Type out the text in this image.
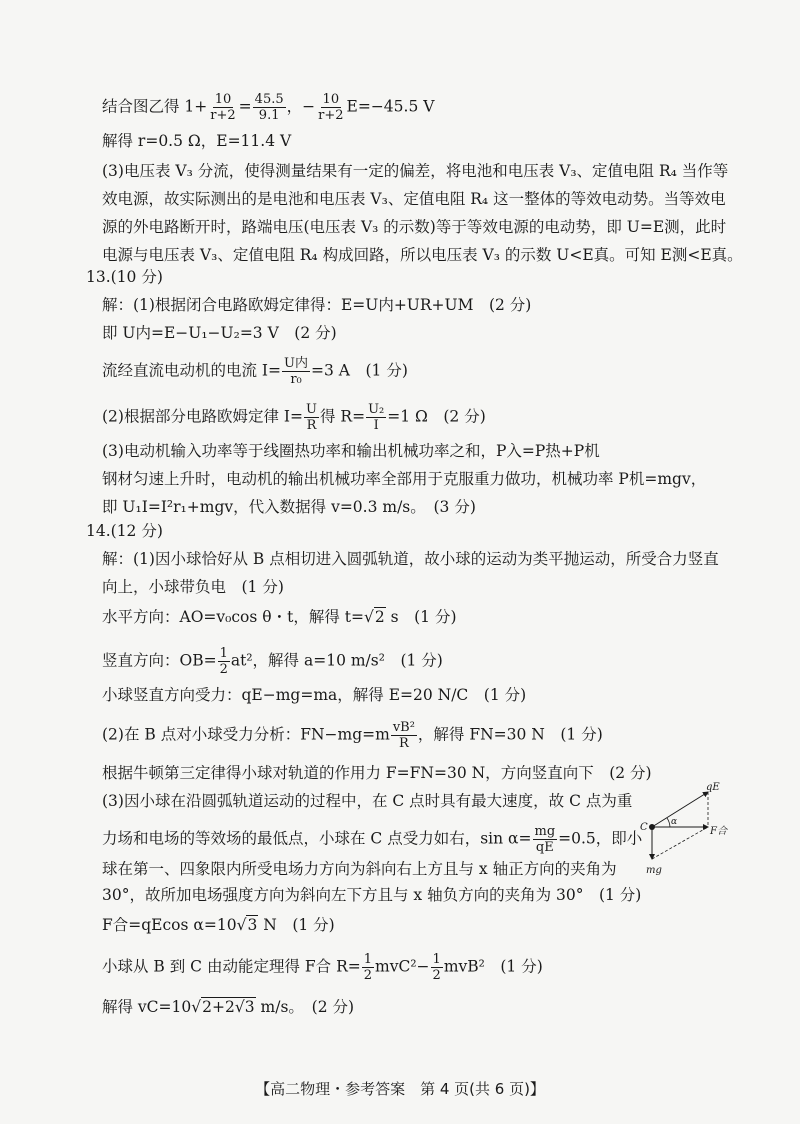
结合图乙得 $1+ \frac{10}{r+2} = \frac{45.5}{9.1}$ ，− $\frac{10}{r+2} E=-45.5$ V
解得 r=0.5 Ω，E=11.4 V
(3)电压表 V₃ 分流，使得测量结果有一定的偏差，将电池和电压表 V₃、定值电阻 R₄ 当作等
效电源，故实际测出的是电池和电压表 V₃、定值电阻 R₄ 这一整体的等效电动势。当等效电
源的外电路断开时，路端电压(电压表 V₃ 的示数)等于等效电源的电动势，即 U=E测，此时
电源与电压表 V₃、定值电阻 R₄ 构成回路，所以电压表 V₃ 的示数 U<E真。可知 E测<E真。
13.(10 分)
解：(1)根据闭合电路欧姆定律得：E=U内+UR+UM　(2 分)
即 U内=E−U₁−U₂=3 V　(2 分)
流经直流电动机的电流 $I= \frac{\text{U内}}{\text{r₀}} =3$ A　(1 分)
(2)根据部分电路欧姆定律 $I= \frac{U}{R}$ 得 $R= \frac{\text{U₂}}{I} =1$ Ω　(2 分)
(3)电动机输入功率等于线圈热功率和输出机械功率之和，P入=P热+P机
钢材匀速上升时，电动机的输出机械功率全部用于克服重力做功，机械功率 P机=mgv，
即 U₁I=I²r₁+mgv，代入数据得 v=0.3 m/s。　(3 分)
14.(12 分)
解：(1)因小球恰好从 B 点相切进入圆弧轨道，故小球的运动为类平抛运动，所受合力竖直
向上，小球带负电　(1 分)
水平方向：AO=v₀cos θ・t，解得 t=√2 s　(1 分)
竖直方向：$OB= \frac{1}{2} at^2$，解得 a=10 m/s²　(1 分)
小球竖直方向受力：qE−mg=ma，解得 E=20 N/C　(1 分)
(2)在 B 点对小球受力分析：$FN-mg=m \frac{\text{vB²}}{R}$ ，解得 FN=30 N　(1 分)
根据牛顿第三定律得小球对轨道的作用力 F=FN=30 N，方向竖直向下　(2 分)
(3)因小球在沿圆弧轨道运动的过程中，在 C 点时具有最大速度，故 C 点为重
力场和电场的等效场的最低点，小球在 C 点受力如右，$\sin \alpha= \frac{mg}{qE} =0.5$，即小
球在第一、四象限内所受电场力方向为斜向右上方且与 x 轴正方向的夹角为
30°，故所加电场强度方向为斜向左下方且与 x 轴负方向的夹角为 30°　(1 分)
F合=qEcos α=10√3 N　(1 分)
小球从 B 到 C 由动能定理得 F合 $R= \frac{1}{2} mvC^2- \frac{1}{2} mvB^2$　(1 分)
解得 vC=10√2+2√3 m/s。　(2 分)
qE
C	α
F合
mg
【高二物理・参考答案　第 4 页(共 6 页)】
